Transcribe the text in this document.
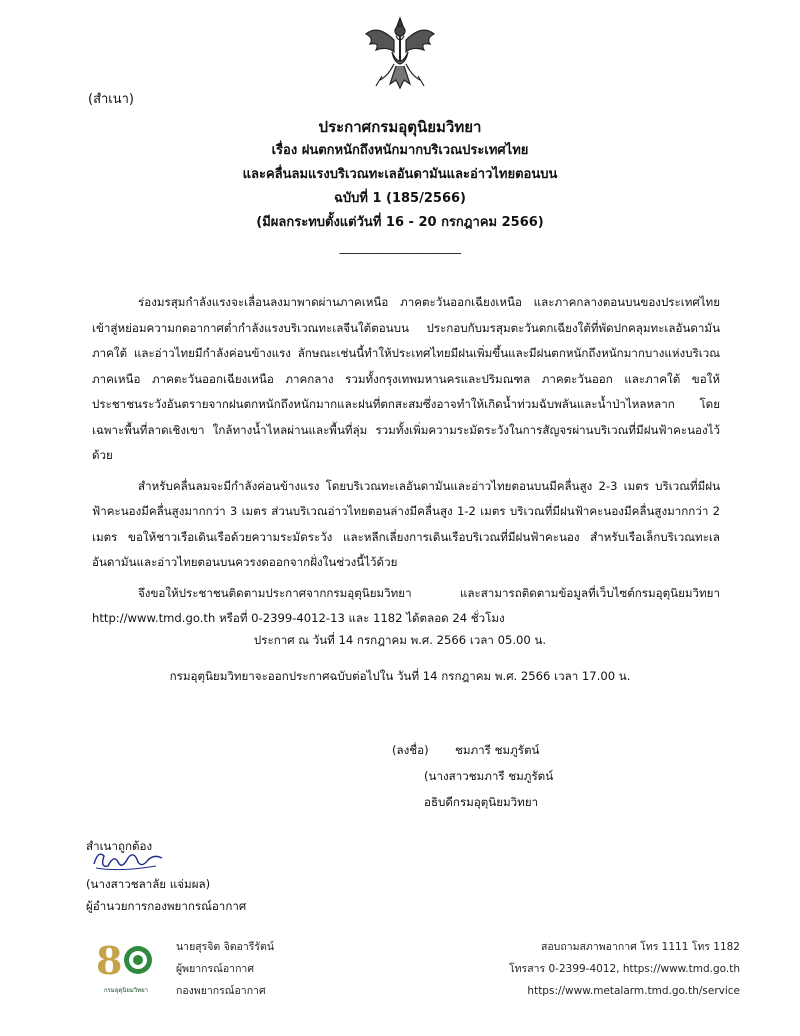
(สำเนา)
ประกาศกรมอุตุนิยมวิทยา
เรื่อง ฝนตกหนักถึงหนักมากบริเวณประเทศไทย
และคลื่นลมแรงบริเวณทะเลอันดามันและอ่าวไทยตอนบน
ฉบับที่ 1 (185/2566)
(มีผลกระทบตั้งแต่วันที่ 16 - 20 กรกฎาคม 2566)
______________________

ร่องมรสุมกำลังแรงจะเลื่อนลงมาพาดผ่านภาคเหนือ ภาคตะวันออกเฉียงเหนือ และภาคกลางตอนบนของประเทศไทย เข้าสู่หย่อมความกดอากาศต่ำกำลังแรงบริเวณทะเลจีนใต้ตอนบน ประกอบกับมรสุมตะวันตกเฉียงใต้ที่พัดปกคลุมทะเลอันดามัน ภาคใต้ และอ่าวไทยมีกำลังค่อนข้างแรง ลักษณะเช่นนี้ทำให้ประเทศไทยมีฝนเพิ่มขึ้นและมีฝนตกหนักถึงหนักมากบางแห่งบริเวณภาคเหนือ ภาคตะวันออกเฉียงเหนือ ภาคกลาง รวมทั้งกรุงเทพมหานครและปริมณฑล ภาคตะวันออก และภาคใต้ ขอให้ประชาชนระวังอันตรายจากฝนตกหนักถึงหนักมากและฝนที่ตกสะสมซึ่งอาจทำให้เกิดน้ำท่วมฉับพลันและน้ำป่าไหลหลาก โดยเฉพาะพื้นที่ลาดเชิงเขา ใกล้ทางน้ำไหลผ่านและพื้นที่ลุ่ม รวมทั้งเพิ่มความระมัดระวังในการสัญจรผ่านบริเวณที่มีฝนฟ้าคะนองไว้ด้วย

สำหรับคลื่นลมจะมีกำลังค่อนข้างแรง โดยบริเวณทะเลอันดามันและอ่าวไทยตอนบนมีคลื่นสูง 2-3 เมตร บริเวณที่มีฝนฟ้าคะนองมีคลื่นสูงมากกว่า 3 เมตร ส่วนบริเวณอ่าวไทยตอนล่างมีคลื่นสูง 1-2 เมตร บริเวณที่มีฝนฟ้าคะนองมีคลื่นสูงมากกว่า 2 เมตร ขอให้ชาวเรือเดินเรือด้วยความระมัดระวัง และหลีกเลี่ยงการเดินเรือบริเวณที่มีฝนฟ้าคะนอง สำหรับเรือเล็กบริเวณทะเลอันดามันและอ่าวไทยตอนบนควรงดออกจากฝั่งในช่วงนี้ไว้ด้วย

จึงขอให้ประชาชนติดตามประกาศจากกรมอุตุนิยมวิทยา และสามารถติดตามข้อมูลที่เว็บไซต์กรมอุตุนิยมวิทยา http://www.tmd.go.th หรือที่ 0-2399-4012-13 และ 1182 ได้ตลอด 24 ชั่วโมง

ประกาศ ณ วันที่ 14 กรกฎาคม พ.ศ. 2566 เวลา 05.00 น.
กรมอุตุนิยมวิทยาจะออกประกาศฉบับต่อไปใน วันที่ 14 กรกฎาคม พ.ศ. 2566 เวลา 17.00 น.
(ลงชื่อ) ชมภารี ชมภูรัตน์
(นางสาวชมภารี ชมภูรัตน์
อธิบดีกรมอุตุนิยมวิทยา
สำเนาถูกต้อง
(นางสาวชลาลัย แจ่มผล)
ผู้อำนวยการกองพยากรณ์อากาศ
8
กรมอุตุนิยมวิทยา
นายสุรจิต จิตอารีรัตน์
ผู้พยากรณ์อากาศ
กองพยากรณ์อากาศ
สอบถามสภาพอากาศ โทร 1111 โทร 1182
โทรสาร 0-2399-4012, https://www.tmd.go.th
https://www.metalarm.tmd.go.th/service
